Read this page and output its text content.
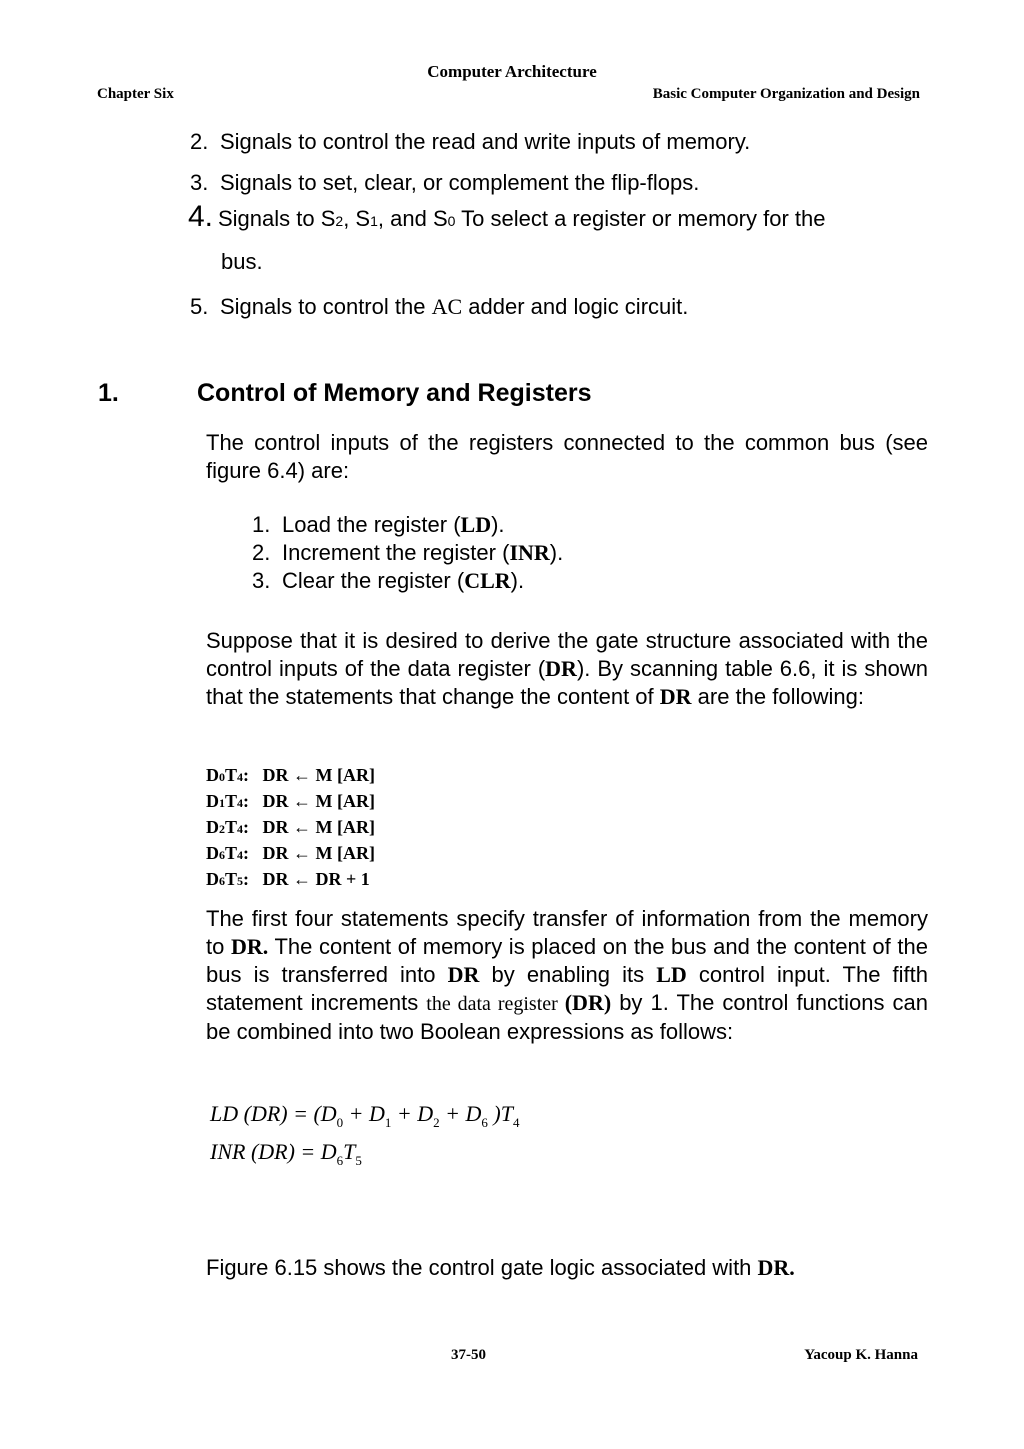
Computer Architecture
Chapter Six	Basic Computer Organization and Design
2. Signals to control the read and write inputs of memory.
3. Signals to set, clear, or complement the flip-flops.
4. Signals to S2, S1, and S0 To select a register or memory for the
bus.
5. Signals to control the AC adder and logic circuit.
1.	Control of Memory and Registers
The control inputs of the registers connected to the common bus (see figure 6.4) are:
1. Load the register (LD).
2. Increment the register (INR).
3. Clear the register (CLR).
Suppose that it is desired to derive the gate structure associated with the control inputs of the data register (DR). By scanning table 6.6, it is shown that the statements that change the content of DR are the following:
D0T4:   DR ← M [AR]
D1T4:   DR ← M [AR]
D2T4:   DR ← M [AR]
D6T4:   DR ← M [AR]
D6T5:   DR ← DR + 1
The first four statements specify transfer of information from the memory to DR. The content of memory is placed on the bus and the content of the bus is transferred into DR by enabling its LD control input. The fifth statement increments the data register (DR) by 1. The control functions can be combined into two Boolean expressions as follows:
LD $(DR) = (D_0 + D_1 + D_2 + D_6$ )$T_4$
INR $(DR) = D_6T_5$
Figure 6.15 shows the control gate logic associated with DR.
37-50	Yacoup K. Hanna
